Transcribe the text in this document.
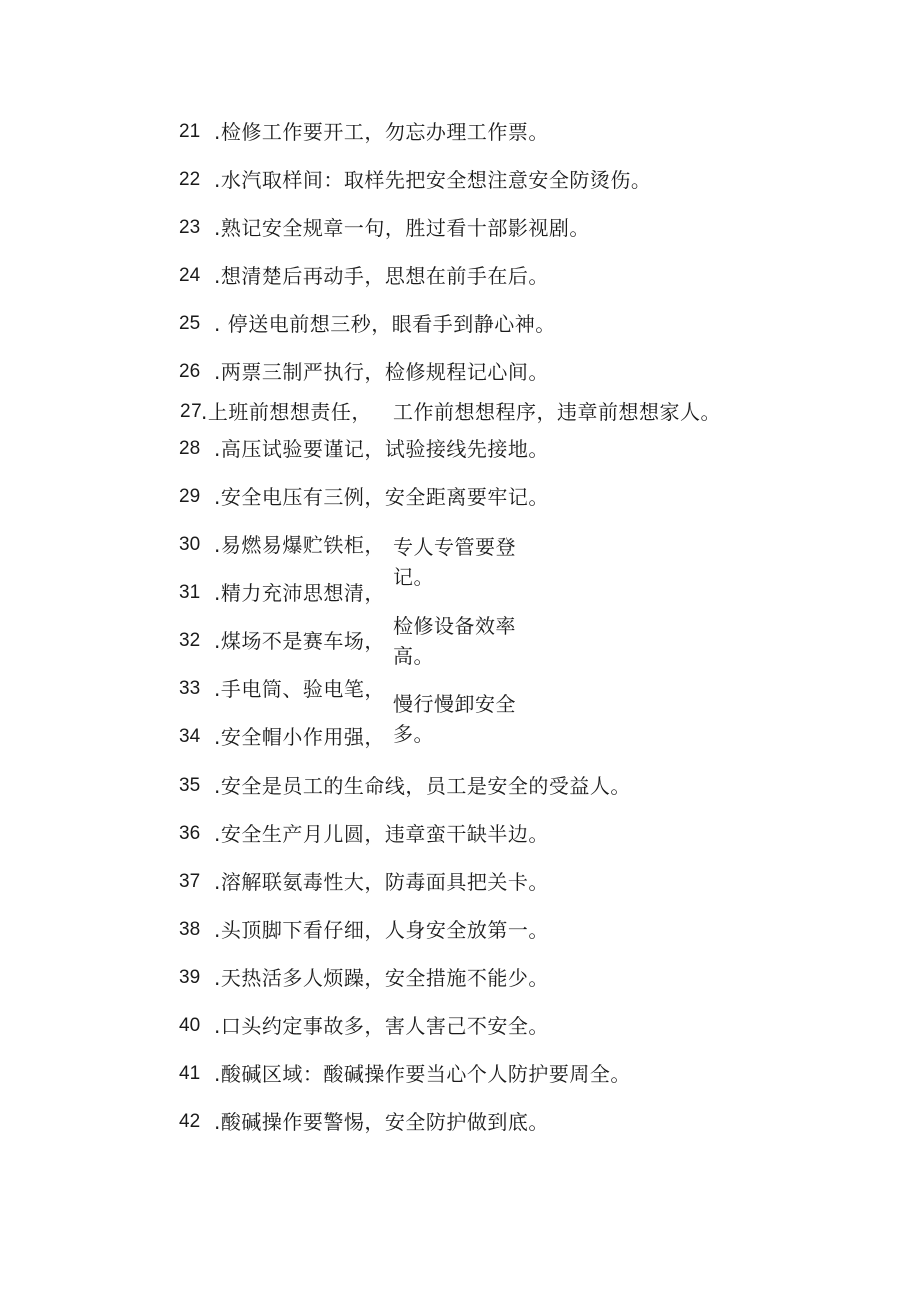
21 .检修工作要开工，勿忘办理工作票。
22 .水汽取样间：取样先把安全想注意安全防烫伤。
23 .熟记安全规章一句，胜过看十部影视剧。
24 .想清楚后再动手，思想在前手在后。
25 . 停送电前想三秒，眼看手到静心神。
26 .两票三制严执行，检修规程记心间。
27
.上班前想想责任， 工作前想想程序，违章前想想家人。
28 .高压试验要谨记，试验接线先接地。
29 .安全电压有三例，安全距离要牢记。
30 .易燃易爆贮铁柜，
31 .精力充沛思想清，
32 .煤场不是赛车场，
33 .手电筒、验电笔，
34 .安全帽小作用强，
专人专管要登
记。
检修设备效率
高。
慢行慢卸安全
多。
35 .安全是员工的生命线，员工是安全的受益人。
36 .安全生产月儿圆，违章蛮干缺半边。
37 .溶解联氨毒性大，防毒面具把关卡。
38 .头顶脚下看仔细，人身安全放第一。
39 .天热活多人烦躁，安全措施不能少。
40 .口头约定事故多，害人害己不安全。
41 .酸碱区域：酸碱操作要当心个人防护要周全。
42 .酸碱操作要警惕，安全防护做到底。
